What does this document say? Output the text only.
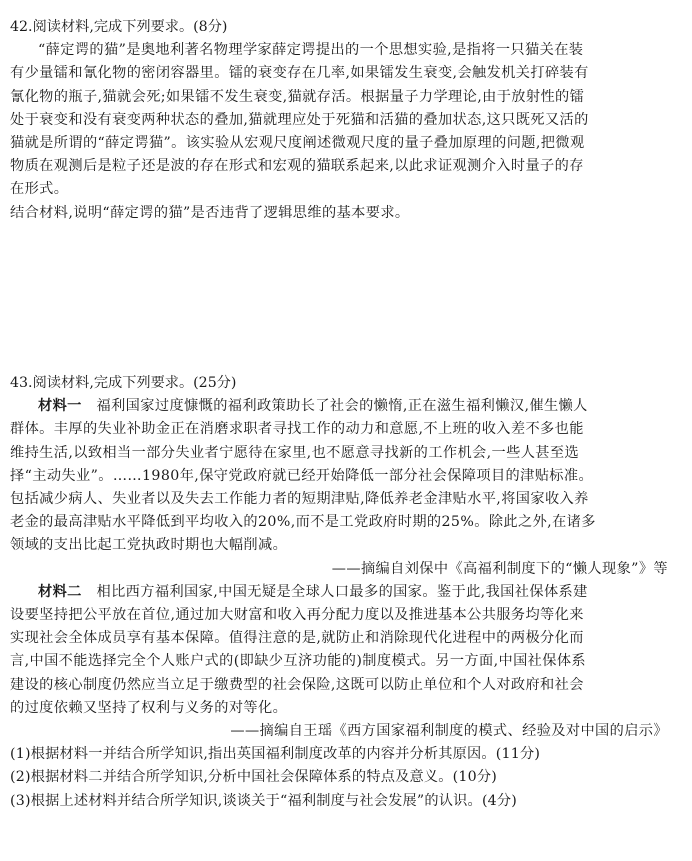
42.阅读材料,完成下列要求。(8分)
“薛定谔的猫”是奥地利著名物理学家薛定谔提出的一个思想实验,是指将一只猫关在装
有少量镭和氰化物的密闭容器里。镭的衰变存在几率,如果镭发生衰变,会触发机关打碎装有
氰化物的瓶子,猫就会死;如果镭不发生衰变,猫就存活。根据量子力学理论,由于放射性的镭
处于衰变和没有衰变两种状态的叠加,猫就理应处于死猫和活猫的叠加状态,这只既死又活的
猫就是所谓的“薛定谔猫”。该实验从宏观尺度阐述微观尺度的量子叠加原理的问题,把微观
物质在观测后是粒子还是波的存在形式和宏观的猫联系起来,以此求证观测介入时量子的存
在形式。
结合材料,说明“薛定谔的猫”是否违背了逻辑思维的基本要求。
43.阅读材料,完成下列要求。(25分)
材料一 福利国家过度慷慨的福利政策助长了社会的懒惰,正在滋生福利懒汉,催生懒人
群体。丰厚的失业补助金正在消磨求职者寻找工作的动力和意愿,不上班的收入差不多也能
维持生活,以致相当一部分失业者宁愿待在家里,也不愿意寻找新的工作机会,一些人甚至选
择“主动失业”。……1980年,保守党政府就已经开始降低一部分社会保障项目的津贴标准。
包括减少病人、失业者以及失去工作能力者的短期津贴,降低养老金津贴水平,将国家收入养
老金的最高津贴水平降低到平均收入的20%,而不是工党政府时期的25%。除此之外,在诸多
领域的支出比起工党执政时期也大幅削减。
——摘编自刘保中《高福利制度下的“懒人现象”》等
材料二 相比西方福利国家,中国无疑是全球人口最多的国家。鉴于此,我国社保体系建
设要坚持把公平放在首位,通过加大财富和收入再分配力度以及推进基本公共服务均等化来
实现社会全体成员享有基本保障。值得注意的是,就防止和消除现代化进程中的两极分化而
言,中国不能选择完全个人账户式的(即缺少互济功能的)制度模式。另一方面,中国社保体系
建设的核心制度仍然应当立足于缴费型的社会保险,这既可以防止单位和个人对政府和社会
的过度依赖又坚持了权利与义务的对等化。
——摘编自王瑶《西方国家福利制度的模式、经验及对中国的启示》
(1)根据材料一并结合所学知识,指出英国福利制度改革的内容并分析其原因。(11分)
(2)根据材料二并结合所学知识,分析中国社会保障体系的特点及意义。(10分)
(3)根据上述材料并结合所学知识,谈谈关于“福利制度与社会发展”的认识。(4分)
